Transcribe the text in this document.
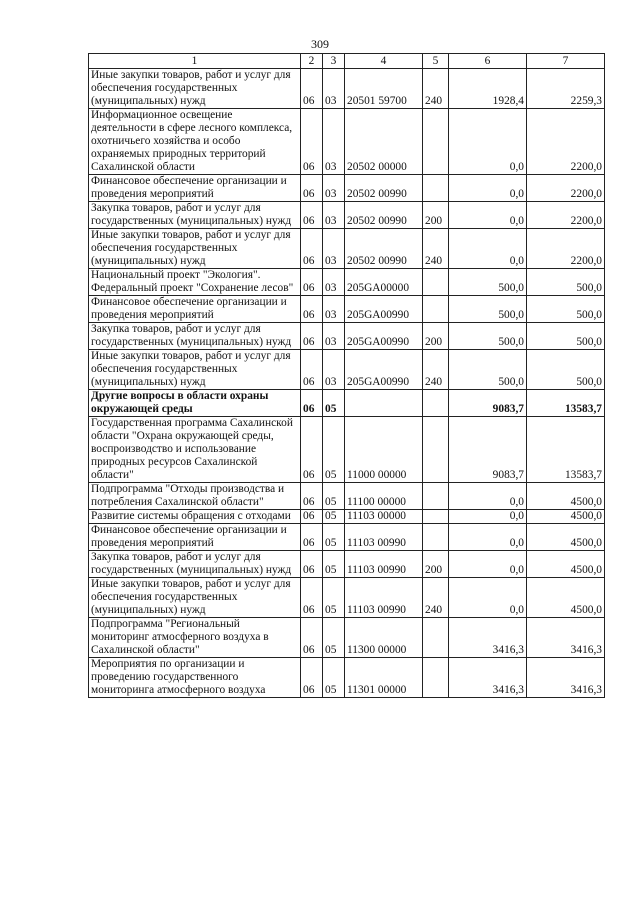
309
1	2	3	4	5	6	7
Иные закупки товаров, работ и услуг для обеспечения государственных (муниципальных) нужд	06	03	20501 59700	240	1928,4	2259,3
Информационное освещение деятельности в сфере лесного комплекса, охотничьего хозяйства и особо охраняемых природных территорий Сахалинской области	06	03	20502 00000		0,0	2200,0
Финансовое обеспечение организации и проведения мероприятий	06	03	20502 00990		0,0	2200,0
Закупка товаров, работ и услуг для государственных (муниципальных) нужд	06	03	20502 00990	200	0,0	2200,0
Иные закупки товаров, работ и услуг для обеспечения государственных (муниципальных) нужд	06	03	20502 00990	240	0,0	2200,0
Национальный проект "Экология". Федеральный проект "Сохранение лесов"	06	03	205GA00000		500,0	500,0
Финансовое обеспечение организации и проведения мероприятий	06	03	205GA00990		500,0	500,0
Закупка товаров, работ и услуг для государственных (муниципальных) нужд	06	03	205GA00990	200	500,0	500,0
Иные закупки товаров, работ и услуг для обеспечения государственных (муниципальных) нужд	06	03	205GA00990	240	500,0	500,0
Другие вопросы в области охраны окружающей среды	06	05			9083,7	13583,7
Государственная программа Сахалинской области "Охрана окружающей среды, воспроизводство и использование природных ресурсов Сахалинской области"	06	05	11000 00000		9083,7	13583,7
Подпрограмма "Отходы производства и потребления Сахалинской области"	06	05	11100 00000		0,0	4500,0
Развитие системы обращения с отходами	06	05	11103 00000		0,0	4500,0
Финансовое обеспечение организации и проведения мероприятий	06	05	11103 00990		0,0	4500,0
Закупка товаров, работ и услуг для государственных (муниципальных) нужд	06	05	11103 00990	200	0,0	4500,0
Иные закупки товаров, работ и услуг для обеспечения государственных (муниципальных) нужд	06	05	11103 00990	240	0,0	4500,0
Подпрограмма "Региональный мониторинг атмосферного воздуха в Сахалинской области"	06	05	11300 00000		3416,3	3416,3
Мероприятия по организации и проведению государственного мониторинга атмосферного воздуха	06	05	11301 00000		3416,3	3416,3
